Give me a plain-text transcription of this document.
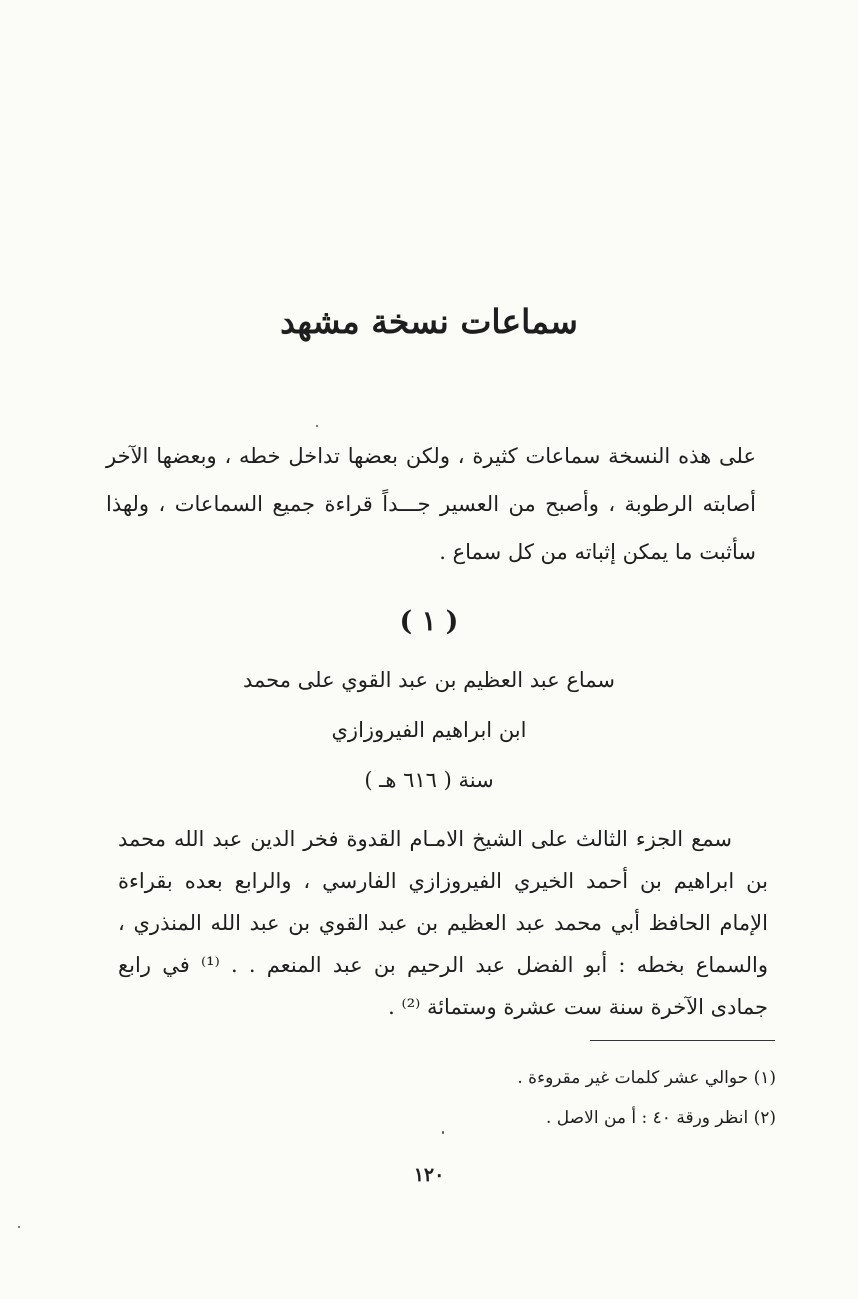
سماعات نسخة مشهد

على هذه النسخة سماعات كثيرة ، ولكن بعضها تداخل خطه ، وبعضها الآخر أصابته الرطوبة ، وأصبح من العسير جـــداً قراءة جميع السماعات ، ولهذا سأثبت ما يمكن إثباته من كل سماع .

( ١ )
سماع عبد العظيم بن عبد القوي على محمد
ابن ابراهيم الفيروزازي
سنة ( ٦١٦ هـ )

سمع الجزء الثالث على الشيخ الامـام القدوة فخر الدين عبد الله محمد بن ابراهيم بن أحمد الخيري الفيروزازي الفارسي ، والرابع بعده بقراءة الإمام الحافظ أبي محمد عبد العظيم بن عبد القوي بن عبد الله المنذري ، والسماع بخطه : أبو الفضل عبد الرحيم بن عبد المنعم . . ⁽¹⁾ في رابع جمادى الآخرة سنة ست عشرة وستمائة ⁽²⁾ .

(١) حوالي عشر كلمات غير مقروءة .
(٢) انظر ورقة ٤٠ : أ من الاصل .
١٢٠
